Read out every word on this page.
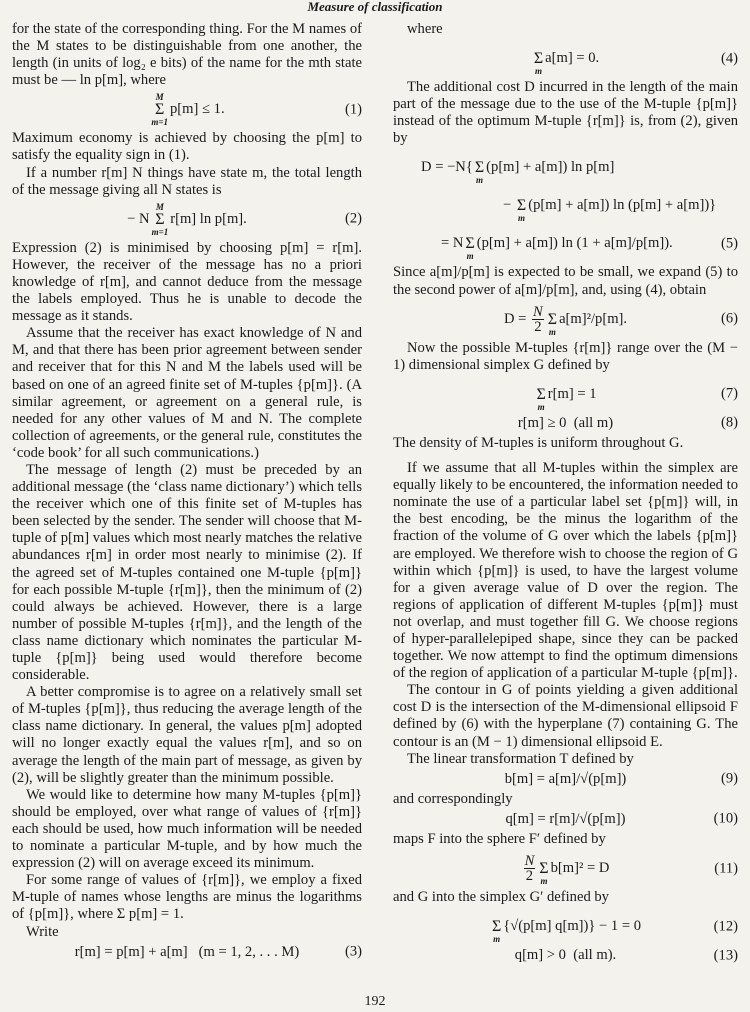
Measure of classification

for the state of the corresponding thing. For the M names of the M states to be distinguishable from one another, the length (in units of log₂ e bits) of the name for the mth state must be — ln p[m], where

M
Σ
m=1
p[m] ≤ 1.	(1)

Maximum economy is achieved by choosing the p[m] to satisfy the equality sign in (1).

If a number r[m] N things have state m, the total length of the message giving all N states is

− N
M
Σ
m=1
r[m] ln p[m].	(2)

Expression (2) is minimised by choosing p[m] = r[m]. However, the receiver of the message has no a priori knowledge of r[m], and cannot deduce from the message the labels employed. Thus he is unable to decode the message as it stands.

Assume that the receiver has exact knowledge of N and M, and that there has been prior agreement between sender and receiver that for this N and M the labels used will be based on one of an agreed finite set of M-tuples {p[m]}. (A similar agreement, or agreement on a general rule, is needed for any other values of M and N. The complete collection of agreements, or the general rule, constitutes the ‘code book’ for all such communications.)

The message of length (2) must be preceded by an additional message (the ‘class name dictionary’) which tells the receiver which one of this finite set of M-tuples has been selected by the sender. The sender will choose that M-tuple of p[m] values which most nearly matches the relative abundances r[m] in order most nearly to minimise (2). If the agreed set of M-tuples contained one M-tuple {p[m]} for each possible M-tuple {r[m]}, then the minimum of (2) could always be achieved. However, there is a large number of possible M-tuples {r[m]}, and the length of the class name dictionary which nominates the particular M-tuple {p[m]} being used would therefore become considerable.

A better compromise is to agree on a relatively small set of M-tuples {p[m]}, thus reducing the average length of the class name dictionary. In general, the values p[m] adopted will no longer exactly equal the values r[m], and so on average the length of the main part of message, as given by (2), will be slightly greater than the minimum possible.

We would like to determine how many M-tuples {p[m]} should be employed, over what range of values of {r[m]} each should be used, how much information will be needed to nominate a particular M-tuple, and by how much the expression (2) will on average exceed its minimum.

For some range of values of {r[m]}, we employ a fixed M-tuple of names whose lengths are minus the logarithms of {p[m]}, where Σ p[m] = 1.

Write

r[m] = p[m] + a[m]   (m = 1, 2, . . . M)	(3)

where

Σ
m
a[m] = 0.	(4)

The additional cost D incurred in the length of the main part of the message due to the use of the M-tuple {p[m]} instead of the optimum M-tuple {r[m]} is, from (2), given by

D = −N{
Σ
m
(p[m] + a[m]) ln p[m]
−
Σ
m
(p[m] + a[m]) ln (p[m] + a[m])}
= N
Σ
m
(p[m] + a[m]) ln (1 + a[m]/p[m]).	(5)

Since a[m]/p[m] is expected to be small, we expand (5) to the second power of a[m]/p[m], and, using (4), obtain

$D = \frac{N}{2}$
Σ
m
a[m]²/p[m].	(6)

Now the possible M-tuples {r[m]} range over the (M − 1) dimensional simplex G defined by

Σ
m
r[m] = 1	(7)
r[m] ≥ 0  (all m)	(8)

The density of M-tuples is uniform throughout G.

If we assume that all M-tuples within the simplex are equally likely to be encountered, the information needed to nominate the use of a particular label set {p[m]} will, in the best encoding, be the minus the logarithm of the fraction of the volume of G over which the labels {p[m]} are employed. We therefore wish to choose the region of G within which {p[m]} is used, to have the largest volume for a given average value of D over the region. The regions of application of different M-tuples {p[m]} must not overlap, and must together fill G. We choose regions of hyper-parallelepiped shape, since they can be packed together. We now attempt to find the optimum dimensions of the region of application of a particular M-tuple {p[m]}.

The contour in G of points yielding a given additional cost D is the intersection of the M-dimensional ellipsoid F defined by (6) with the hyperplane (7) containing G. The contour is an (M − 1) dimensional ellipsoid E.

The linear transformation T defined by

b[m] = a[m]/√(p[m])	(9)

and correspondingly

q[m] = r[m]/√(p[m])	(10)

maps F into the sphere F′ defined by

$\frac{N}{2}$
Σ
m
b[m]² = D	(11)

and G into the simplex G′ defined by

Σ
m
{√(p[m] q[m])} − 1 = 0	(12)
q[m] > 0  (all m).	(13)
192
